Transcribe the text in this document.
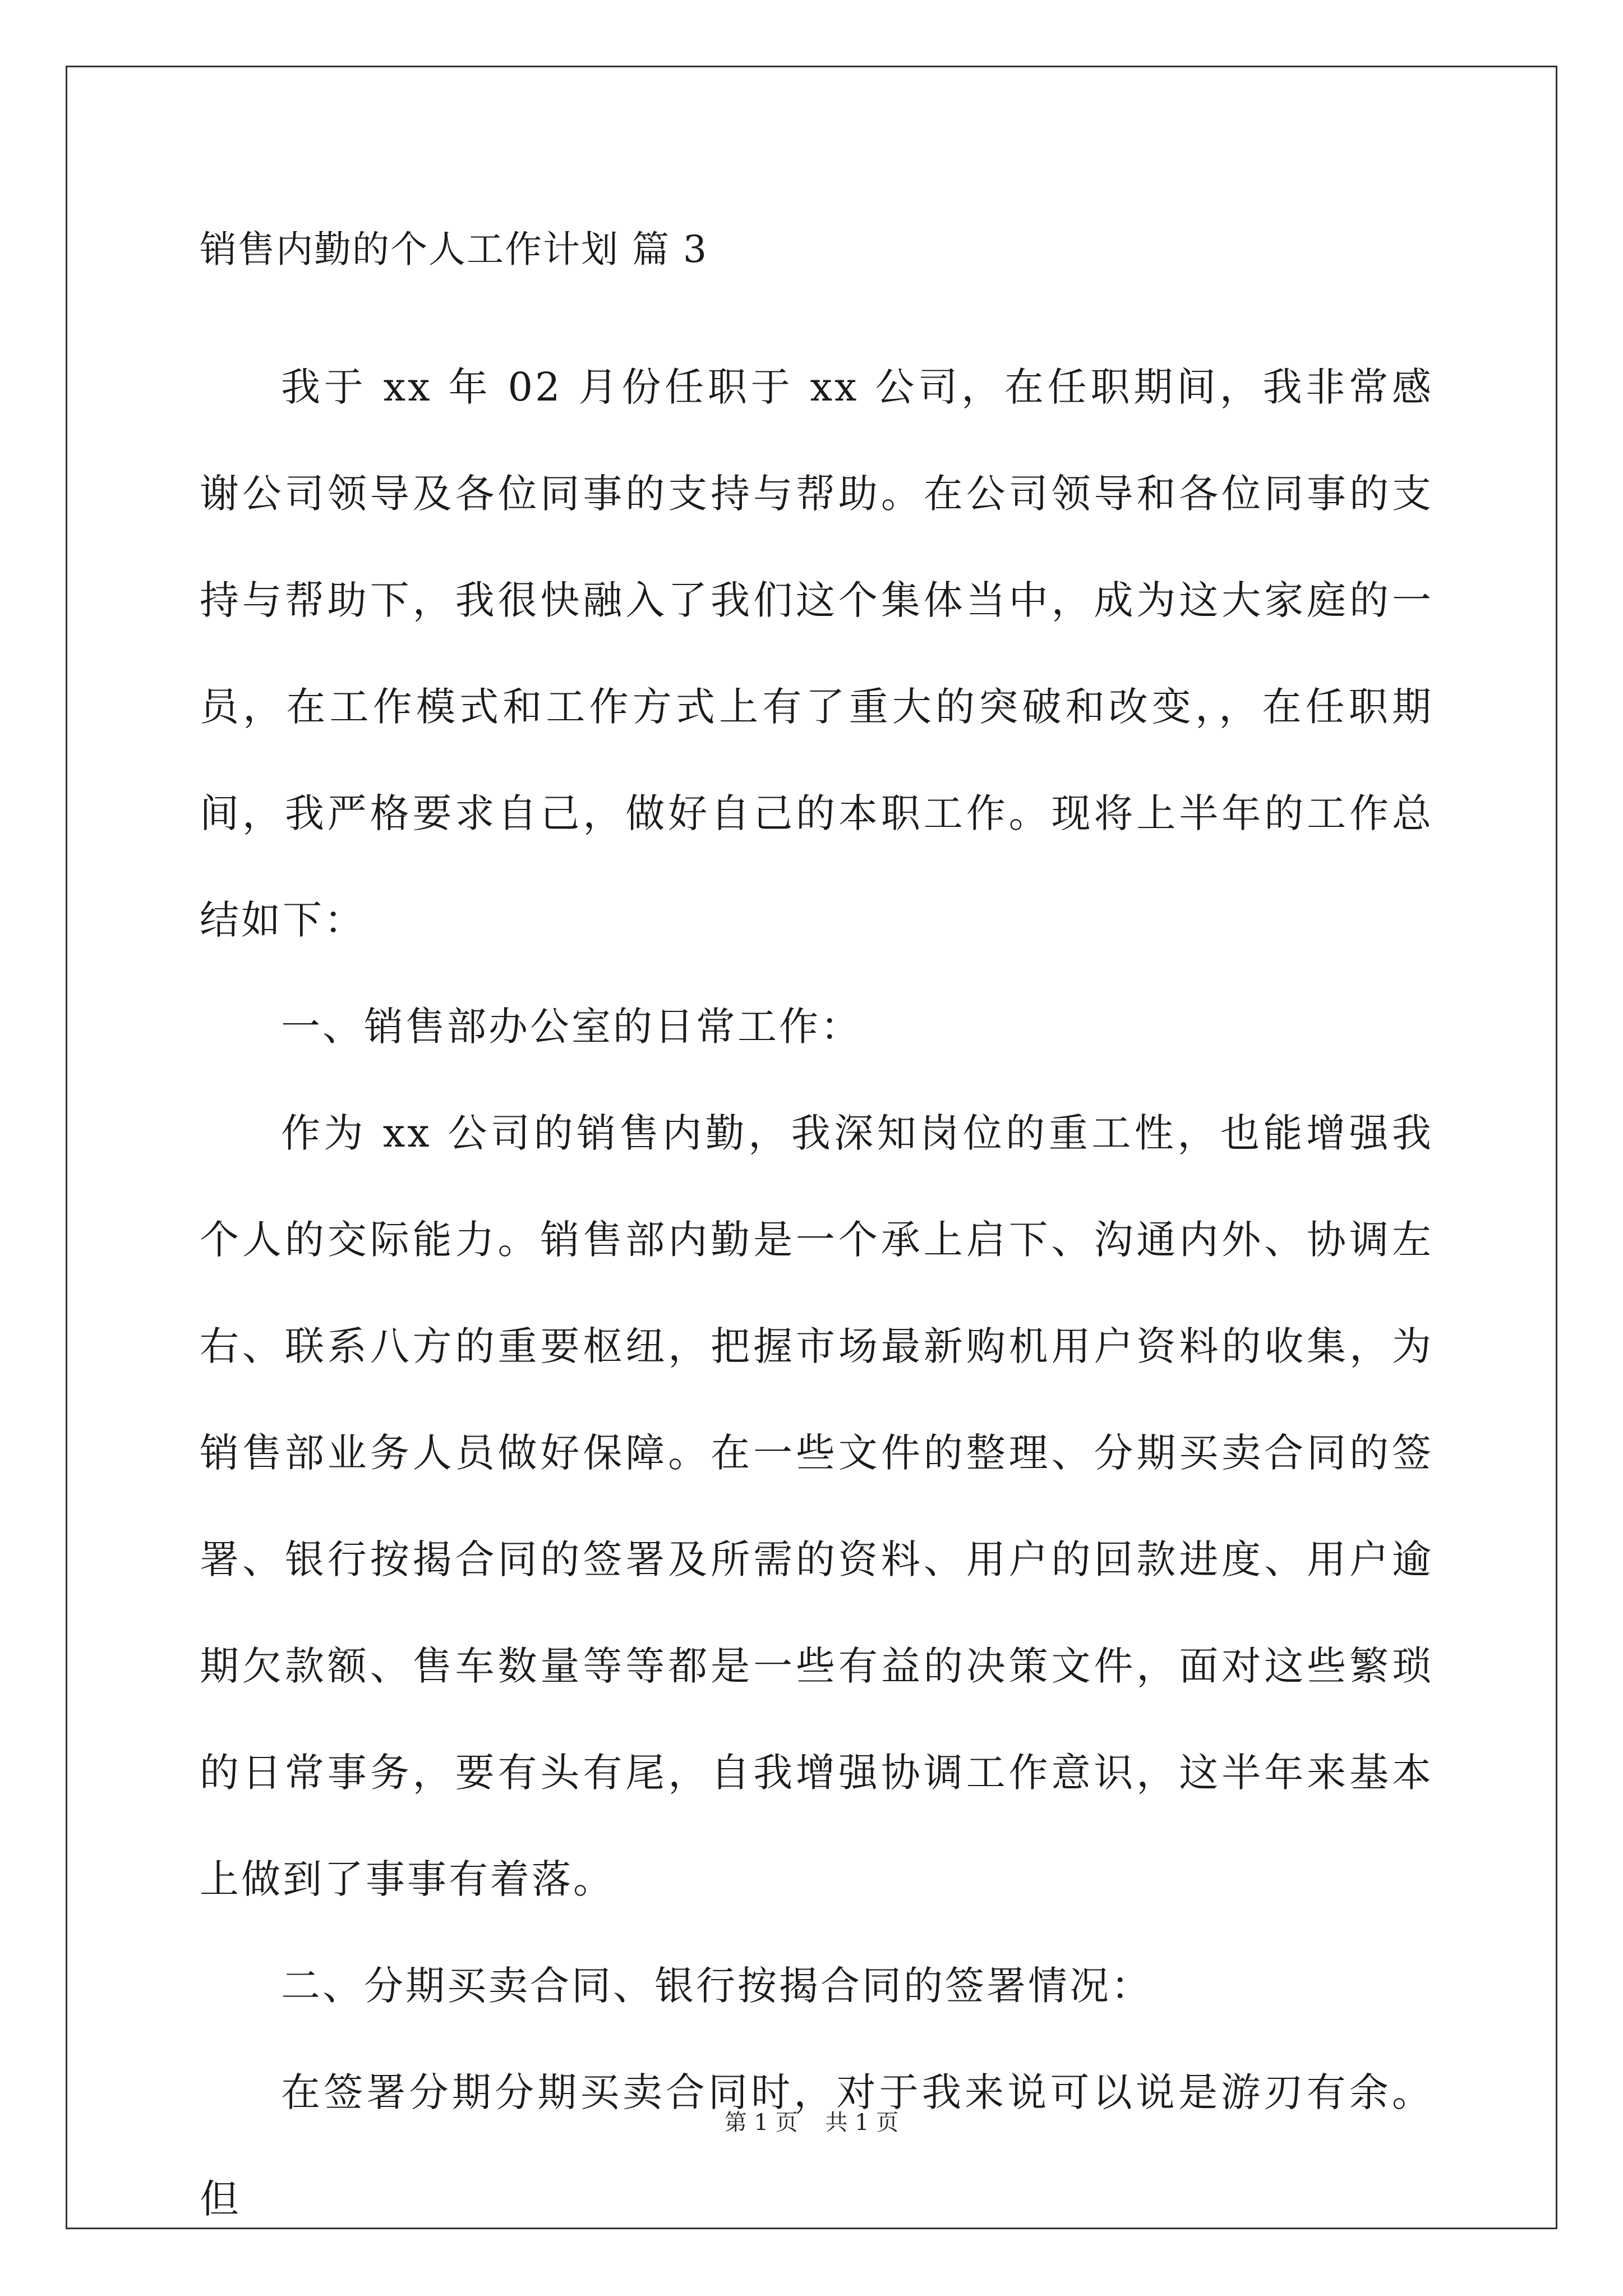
销售内勤的个人工作计划 篇 3

我于 xx 年 02 月份任职于 xx 公司，在任职期间，我非常感谢公司领导及各位同事的支持与帮助。在公司领导和各位同事的支持与帮助下，我很快融入了我们这个集体当中，成为这大家庭的一员，在工作模式和工作方式上有了重大的突破和改变，，在任职期间，我严格要求自己，做好自己的本职工作。现将上半年的工作总结如下：

一、销售部办公室的日常工作：

作为 xx 公司的销售内勤，我深知岗位的重工性，也能增强我个人的交际能力。销售部内勤是一个承上启下、沟通内外、协调左右、联系八方的重要枢纽，把握市场最新购机用户资料的收集，为销售部业务人员做好保障。在一些文件的整理、分期买卖合同的签署、银行按揭合同的签署及所需的资料、用户的回款进度、用户逾期欠款额、售车数量等等都是一些有益的决策文件，面对这些繁琐的日常事务，要有头有尾，自我增强协调工作意识，这半年来基本上做到了事事有着落。

二、分期买卖合同、银行按揭合同的签署情况：

在签署分期分期买卖合同时，对于我来说可以说是游刃有余。但

第 1 页 共 1 页
